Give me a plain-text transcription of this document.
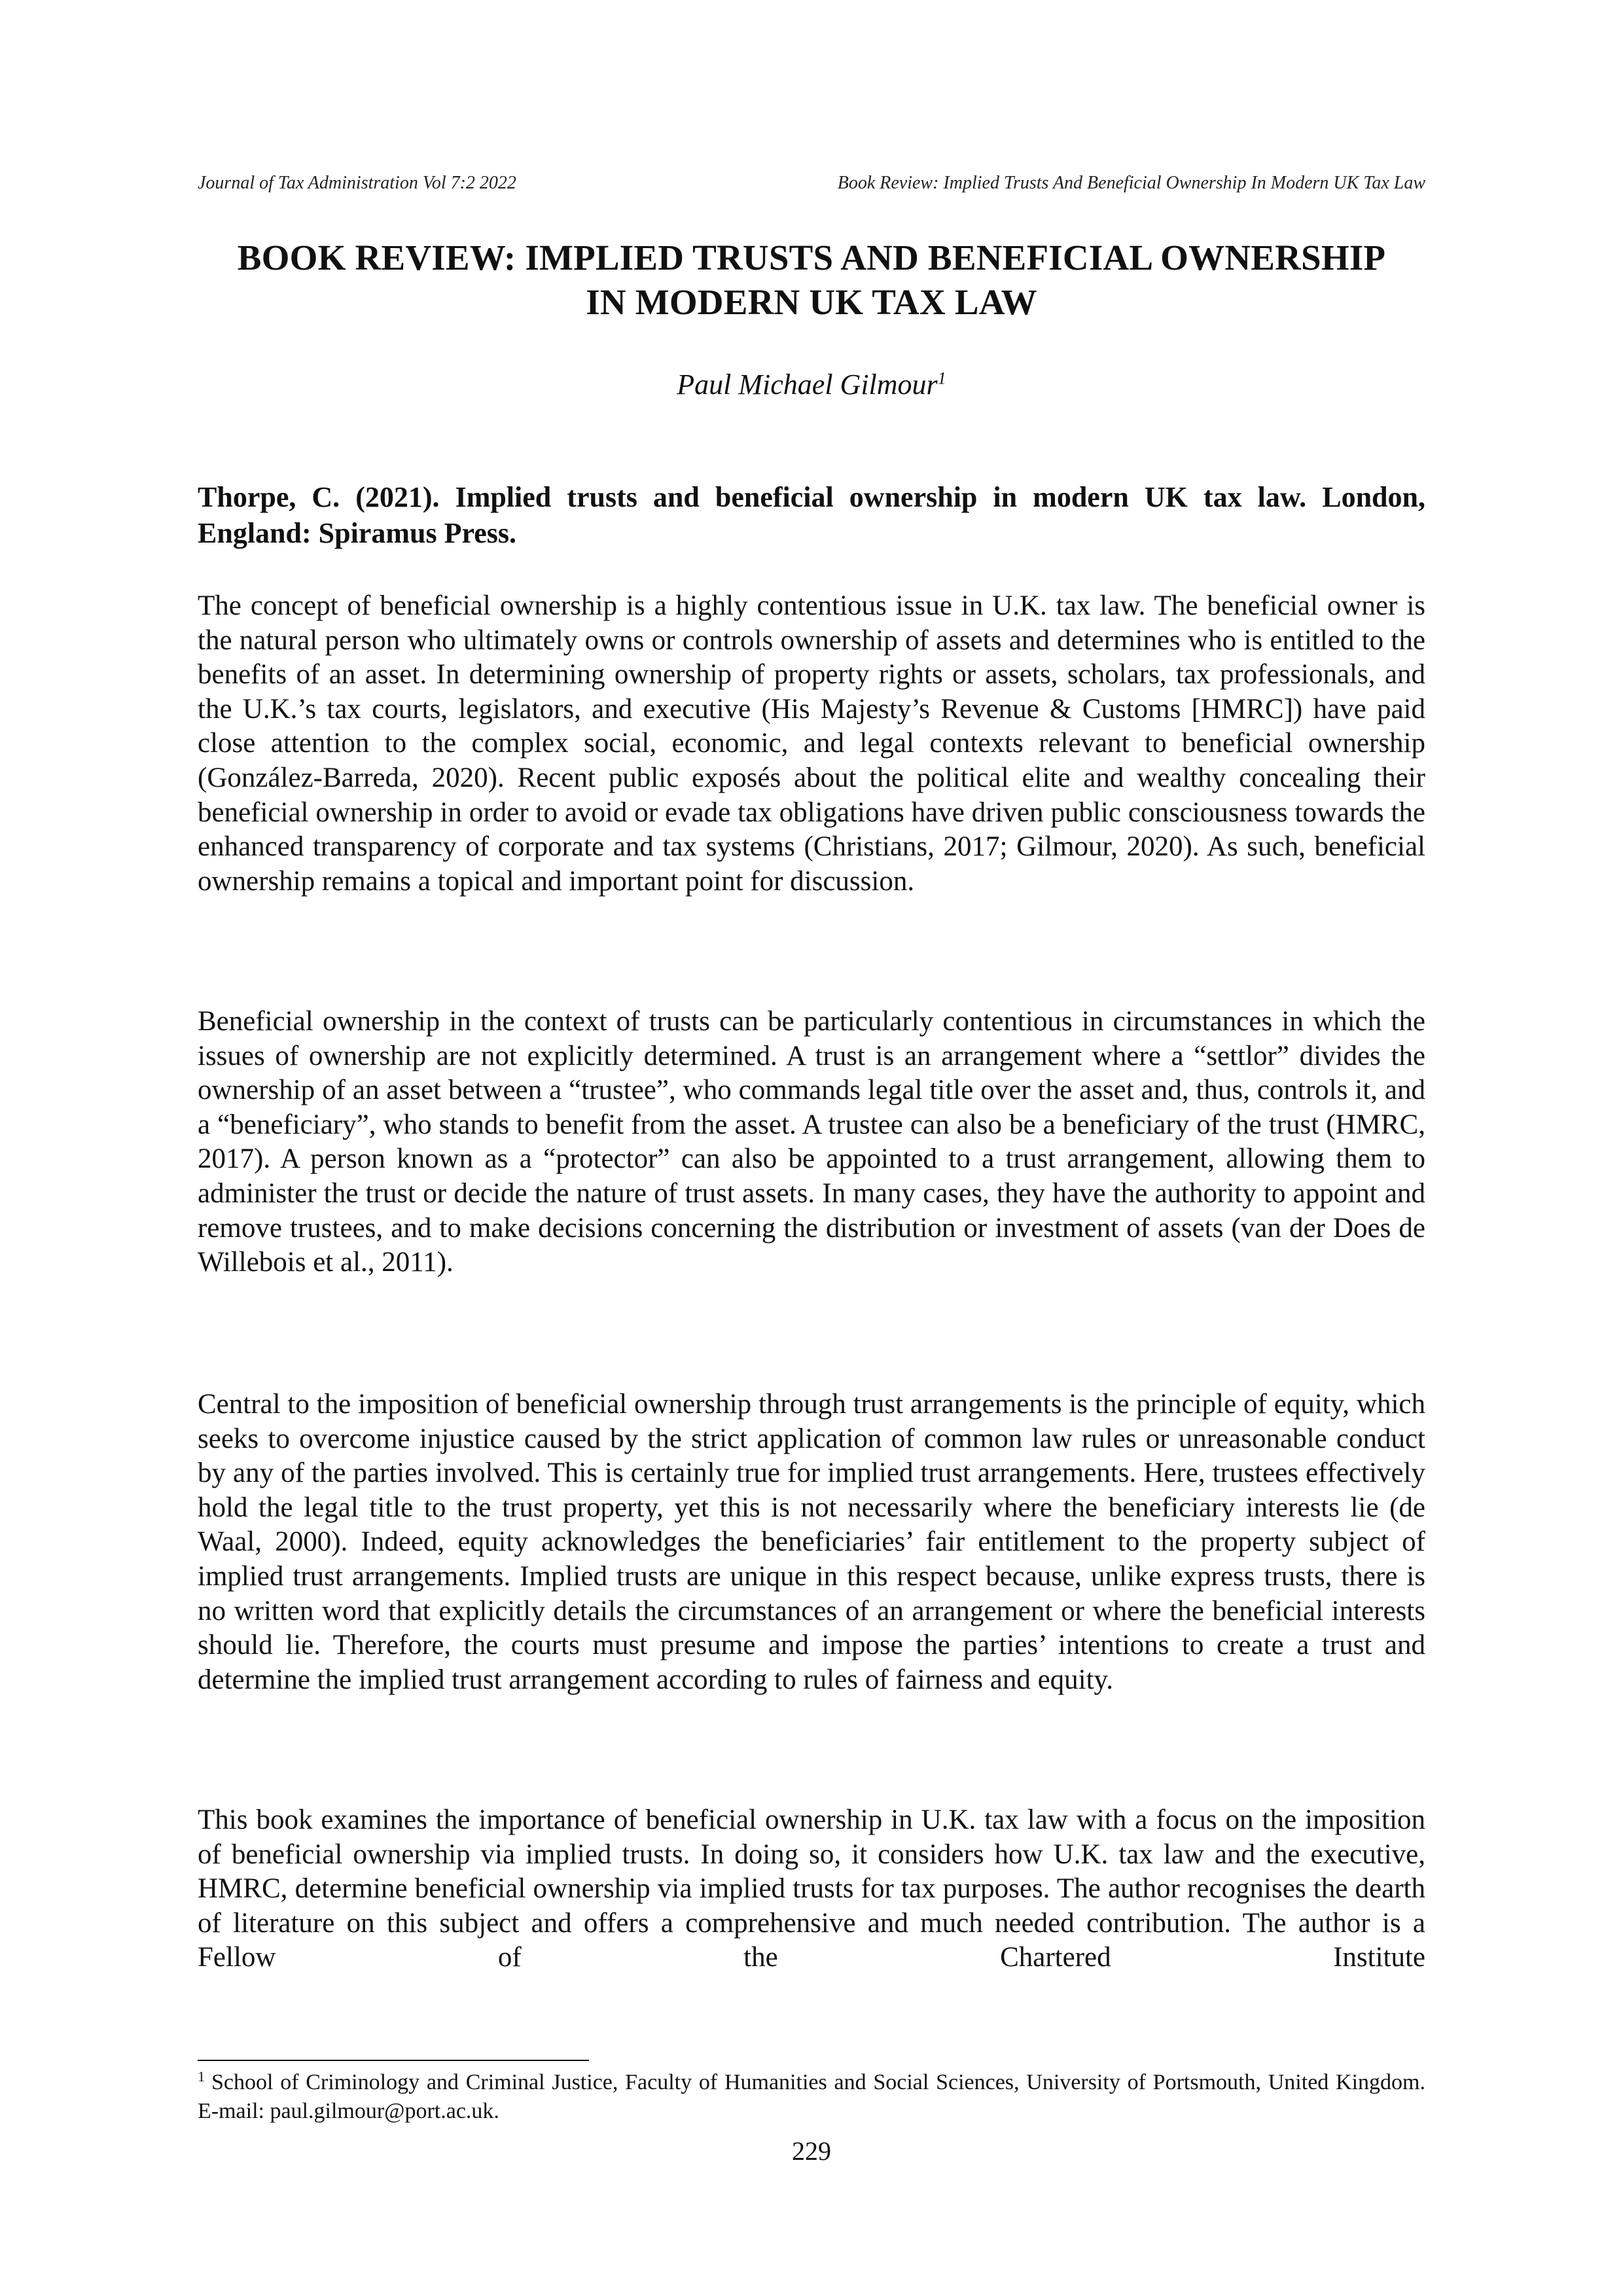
Journal of Tax Administration Vol 7:2 2022	Book Review: Implied Trusts And Beneficial Ownership In Modern UK Tax Law
BOOK REVIEW: IMPLIED TRUSTS AND BENEFICIAL OWNERSHIP
IN MODERN UK TAX LAW
Paul Michael Gilmour$^1$

Thorpe, C. (2021). Implied trusts and beneficial ownership in modern UK tax law. London, England: Spiramus Press.

The concept of beneficial ownership is a highly contentious issue in U.K. tax law. The beneficial owner is the natural person who ultimately owns or controls ownership of assets and determines who is entitled to the benefits of an asset. In determining ownership of property rights or assets, scholars, tax professionals, and the U.K.’s tax courts, legislators, and executive (His Majesty’s Revenue & Customs [HMRC]) have paid close attention to the complex social, economic, and legal contexts relevant to beneficial ownership (González-Barreda, 2020). Recent public exposés about the political elite and wealthy concealing their beneficial ownership in order to avoid or evade tax obligations have driven public consciousness towards the enhanced transparency of corporate and tax systems (Christians, 2017; Gilmour, 2020). As such, beneficial ownership remains a topical and important point for discussion.

Beneficial ownership in the context of trusts can be particularly contentious in circumstances in which the issues of ownership are not explicitly determined. A trust is an arrangement where a “settlor” divides the ownership of an asset between a “trustee”, who commands legal title over the asset and, thus, controls it, and a “beneficiary”, who stands to benefit from the asset. A trustee can also be a beneficiary of the trust (HMRC, 2017). A person known as a “protector” can also be appointed to a trust arrangement, allowing them to administer the trust or decide the nature of trust assets. In many cases, they have the authority to appoint and remove trustees, and to make decisions concerning the distribution or investment of assets (van der Does de Willebois et al., 2011).

Central to the imposition of beneficial ownership through trust arrangements is the principle of equity, which seeks to overcome injustice caused by the strict application of common law rules or unreasonable conduct by any of the parties involved. This is certainly true for implied trust arrangements. Here, trustees effectively hold the legal title to the trust property, yet this is not necessarily where the beneficiary interests lie (de Waal, 2000). Indeed, equity acknowledges the beneficiaries’ fair entitlement to the property subject of implied trust arrangements. Implied trusts are unique in this respect because, unlike express trusts, there is no written word that explicitly details the circumstances of an arrangement or where the beneficial interests should lie. Therefore, the courts must presume and impose the parties’ intentions to create a trust and determine the implied trust arrangement according to rules of fairness and equity.

This book examines the importance of beneficial ownership in U.K. tax law with a focus on the imposition of beneficial ownership via implied trusts. In doing so, it considers how U.K. tax law and the executive, HMRC, determine beneficial ownership via implied trusts for tax purposes. The author recognises the dearth of literature on this subject and offers a comprehensive and much needed contribution. The author is a Fellow of the Chartered Institute

$^1$ School of Criminology and Criminal Justice, Faculty of Humanities and Social Sciences, University of Portsmouth, United Kingdom. E-mail: paul.gilmour@port.ac.uk.

229
